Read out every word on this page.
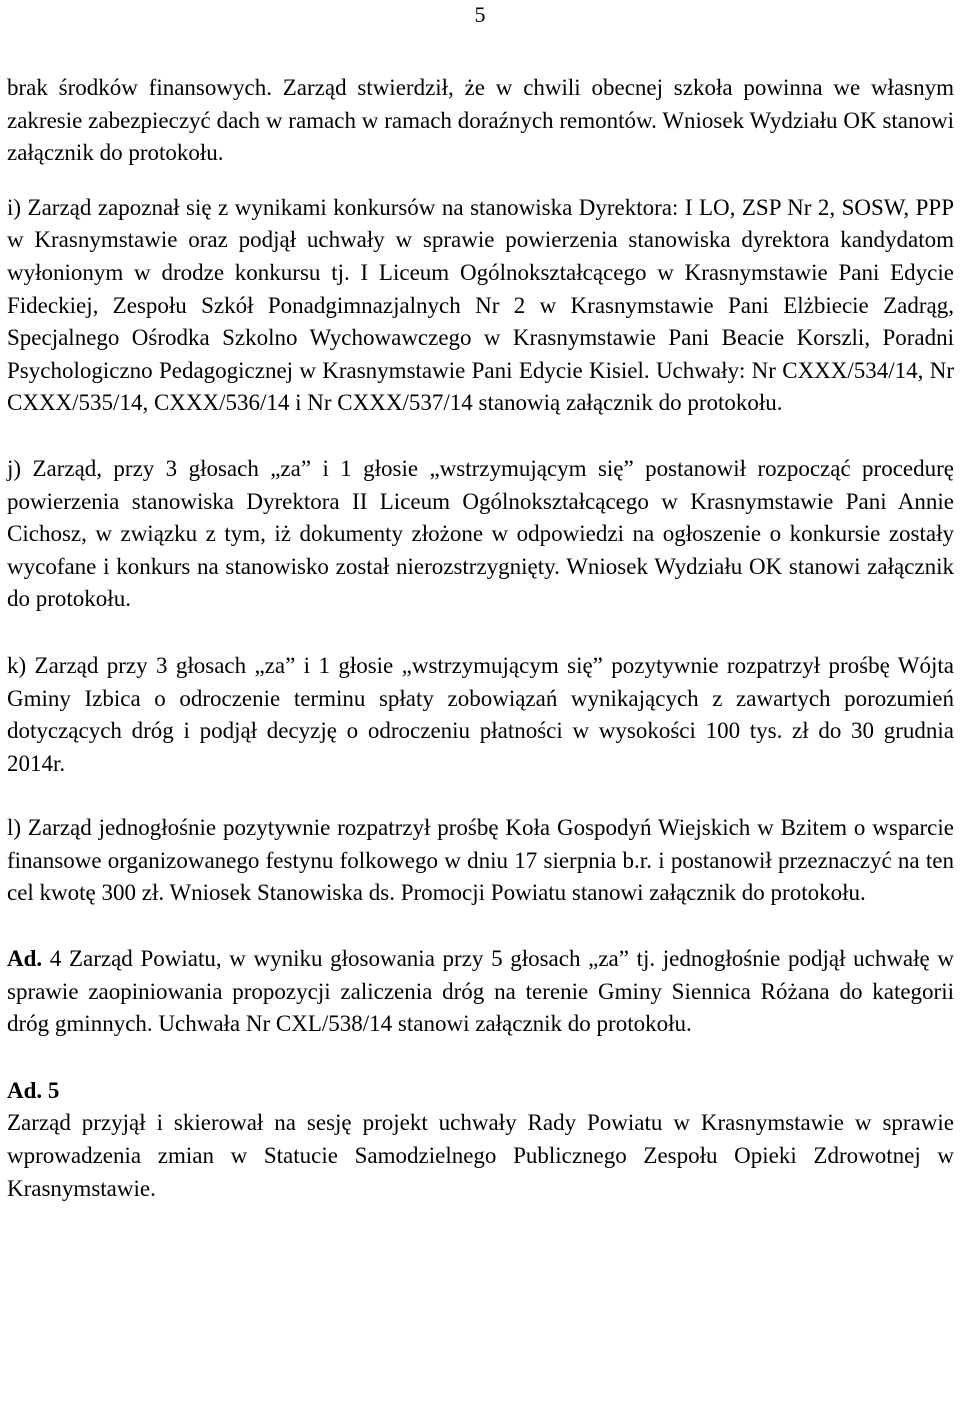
5

brak środków finansowych. Zarząd stwierdził, że w chwili obecnej szkoła powinna we własnym zakresie zabezpieczyć dach w ramach w ramach doraźnych remontów. Wniosek Wydziału OK stanowi załącznik do protokołu.

i) Zarząd zapoznał się z wynikami konkursów na stanowiska Dyrektora: I LO, ZSP Nr 2, SOSW, PPP w Krasnymstawie oraz podjął uchwały w sprawie powierzenia stanowiska dyrektora kandydatom wyłonionym w drodze konkursu tj. I Liceum Ogólnokształcącego w Krasnymstawie Pani Edycie Fideckiej, Zespołu Szkół Ponadgimnazjalnych Nr 2 w Krasnymstawie Pani Elżbiecie Zadrąg, Specjalnego Ośrodka Szkolno Wychowawczego w Krasnymstawie Pani Beacie Korszli, Poradni Psychologiczno Pedagogicznej w Krasnymstawie Pani Edycie Kisiel. Uchwały: Nr CXXX/534/14, Nr CXXX/535/14, CXXX/536/14 i Nr CXXX/537/14 stanowią załącznik do protokołu.

j) Zarząd, przy 3 głosach „za” i 1 głosie „wstrzymującym się” postanowił rozpocząć procedurę powierzenia stanowiska Dyrektora II Liceum Ogólnokształcącego w Krasnymstawie Pani Annie Cichosz, w związku z tym, iż dokumenty złożone w odpowiedzi na ogłoszenie o konkursie zostały wycofane i konkurs na stanowisko został nierozstrzygnięty. Wniosek Wydziału OK stanowi załącznik do protokołu.

k) Zarząd przy 3 głosach „za” i 1 głosie „wstrzymującym się” pozytywnie rozpatrzył prośbę Wójta Gminy Izbica o odroczenie terminu spłaty zobowiązań wynikających z zawartych porozumień dotyczących dróg i podjął decyzję o odroczeniu płatności w wysokości 100 tys. zł do 30 grudnia 2014r.

l) Zarząd jednogłośnie pozytywnie rozpatrzył prośbę Koła Gospodyń Wiejskich w Bzitem o wsparcie finansowe organizowanego festynu folkowego w dniu 17 sierpnia b.r. i postanowił przeznaczyć na ten cel kwotę 300 zł. Wniosek Stanowiska ds. Promocji Powiatu stanowi załącznik do protokołu.

Ad. 4 Zarząd Powiatu, w wyniku głosowania przy 5 głosach „za” tj. jednogłośnie podjął uchwałę w sprawie zaopiniowania propozycji zaliczenia dróg na terenie Gminy Siennica Różana do kategorii dróg gminnych. Uchwała Nr CXL/538/14 stanowi załącznik do protokołu.

Ad. 5

Zarząd przyjął i skierował na sesję projekt uchwały Rady Powiatu w Krasnymstawie w sprawie wprowadzenia zmian w Statucie Samodzielnego Publicznego Zespołu Opieki Zdrowotnej w Krasnymstawie.
